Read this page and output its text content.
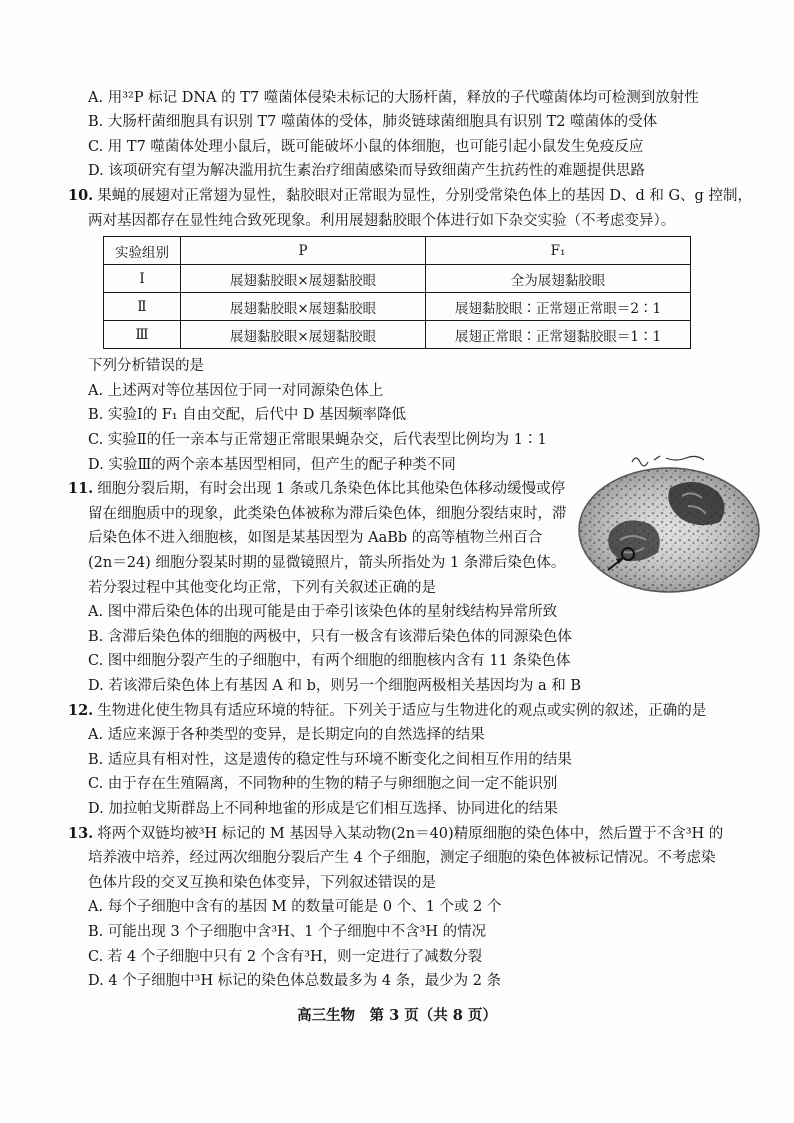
A. 用³²P 标记 DNA 的 T7 噬菌体侵染未标记的大肠杆菌，释放的子代噬菌体均可检测到放射性
B. 大肠杆菌细胞具有识别 T7 噬菌体的受体，肺炎链球菌细胞具有识别 T2 噬菌体的受体
C. 用 T7 噬菌体处理小鼠后，既可能破坏小鼠的体细胞，也可能引起小鼠发生免疫反应
D. 该项研究有望为解决滥用抗生素治疗细菌感染而导致细菌产生抗药性的难题提供思路
10. 果蝇的展翅对正常翅为显性，黏胶眼对正常眼为显性，分别受常染色体上的基因 D、d 和 G、g 控制，
两对基因都存在显性纯合致死现象。利用展翅黏胶眼个体进行如下杂交实验（不考虑变异）。
实验组别	P	F₁
Ⅰ	展翅黏胶眼×展翅黏胶眼	全为展翅黏胶眼
Ⅱ	展翅黏胶眼×展翅黏胶眼	展翅黏胶眼∶正常翅正常眼＝2∶1
Ⅲ	展翅黏胶眼×展翅黏胶眼	展翅正常眼∶正常翅黏胶眼＝1∶1
下列分析错误的是
A. 上述两对等位基因位于同一对同源染色体上
B. 实验Ⅰ的 F₁ 自由交配，后代中 D 基因频率降低
C. 实验Ⅱ的任一亲本与正常翅正常眼果蝇杂交，后代表型比例均为 1∶1
D. 实验Ⅲ的两个亲本基因型相同，但产生的配子种类不同
11. 细胞分裂后期，有时会出现 1 条或几条染色体比其他染色体移动缓慢或停
留在细胞质中的现象，此类染色体被称为滞后染色体，细胞分裂结束时，滞
后染色体不进入细胞核，如图是某基因型为 AaBb 的高等植物兰州百合
(2n＝24) 细胞分裂某时期的显微镜照片，箭头所指处为 1 条滞后染色体。
若分裂过程中其他变化均正常，下列有关叙述正确的是
A. 图中滞后染色体的出现可能是由于牵引该染色体的星射线结构异常所致
B. 含滞后染色体的细胞的两极中，只有一极含有该滞后染色体的同源染色体
C. 图中细胞分裂产生的子细胞中，有两个细胞的细胞核内含有 11 条染色体
D. 若该滞后染色体上有基因 A 和 b，则另一个细胞两极相关基因均为 a 和 B
12. 生物进化使生物具有适应环境的特征。下列关于适应与生物进化的观点或实例的叙述，正确的是
A. 适应来源于各种类型的变异，是长期定向的自然选择的结果
B. 适应具有相对性，这是遗传的稳定性与环境不断变化之间相互作用的结果
C. 由于存在生殖隔离，不同物种的生物的精子与卵细胞之间一定不能识别
D. 加拉帕戈斯群岛上不同种地雀的形成是它们相互选择、协同进化的结果
13. 将两个双链均被³H 标记的 M 基因导入某动物(2n＝40)精原细胞的染色体中，然后置于不含³H 的
培养液中培养，经过两次细胞分裂后产生 4 个子细胞，测定子细胞的染色体被标记情况。不考虑染
色体片段的交叉互换和染色体变异，下列叙述错误的是
A. 每个子细胞中含有的基因 M 的数量可能是 0 个、1 个或 2 个
B. 可能出现 3 个子细胞中含³H、1 个子细胞中不含³H 的情况
C. 若 4 个子细胞中只有 2 个含有³H，则一定进行了减数分裂
D. 4 个子细胞中³H 标记的染色体总数最多为 4 条，最少为 2 条
高三生物　第 3 页（共 8 页）
